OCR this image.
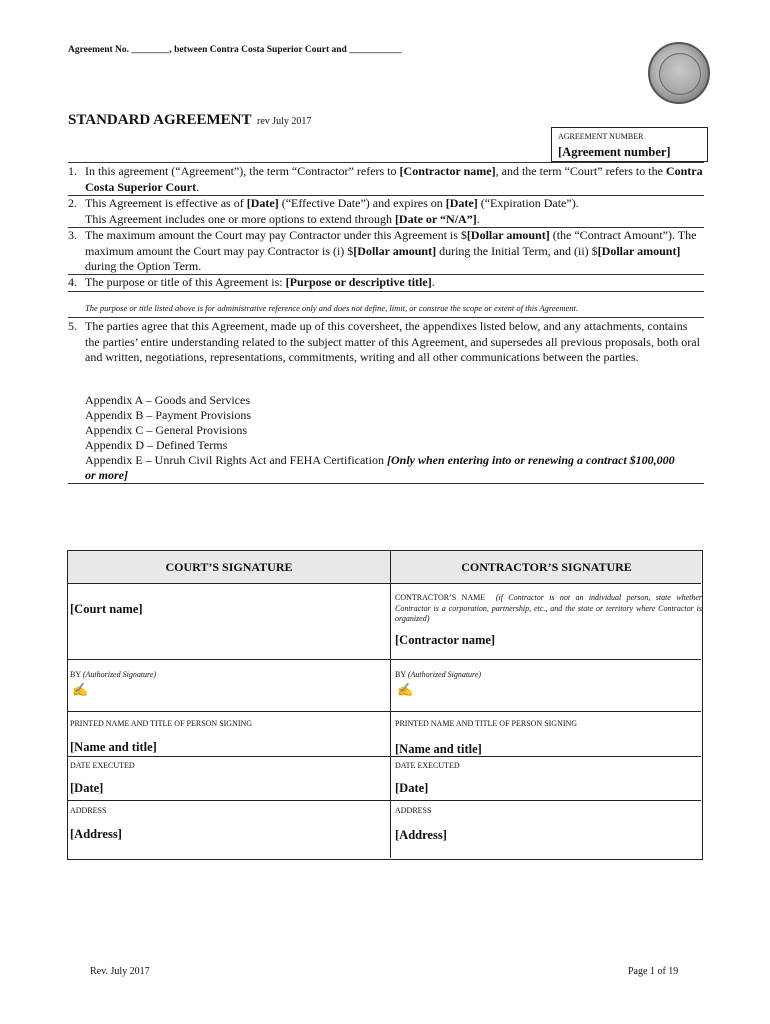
Agreement No. ________, between Contra Costa Superior Court and ___________
STANDARD AGREEMENT rev July 2017
AGREEMENT NUMBER
[Agreement number]
1. In this agreement (“Agreement”), the term “Contractor” refers to [Contractor name], and the term “Court” refers to the Contra Costa Superior Court.
2. This Agreement is effective as of [Date] (“Effective Date”) and expires on [Date] (“Expiration Date”).
This Agreement includes one or more options to extend through [Date or “N/A”].
3. The maximum amount the Court may pay Contractor under this Agreement is $[Dollar amount] (the “Contract Amount”). The maximum amount the Court may pay Contractor is (i) $[Dollar amount] during the Initial Term, and (ii) $[Dollar amount] during the Option Term.
4. The purpose or title of this Agreement is: [Purpose or descriptive title].
The purpose or title listed above is for administrative reference only and does not define, limit, or construe the scope or extent of this Agreement.
5. The parties agree that this Agreement, made up of this coversheet, the appendixes listed below, and any attachments, contains the parties’ entire understanding related to the subject matter of this Agreement, and supersedes all previous proposals, both oral and written, negotiations, representations, commitments, writing and all other communications between the parties.
Appendix A – Goods and Services
Appendix B – Payment Provisions
Appendix C – General Provisions
Appendix D – Defined Terms
Appendix E – Unruh Civil Rights Act and FEHA Certification [Only when entering into or renewing a contract $100,000 or more]
COURT’S SIGNATURE	CONTRACTOR’S SIGNATURE
[Court name]
CONTRACTOR’S NAME (if Contractor is not an individual person, state whether Contractor is a corporation, partnership, etc., and the state or territory where Contractor is organized)
[Contractor name]
BY (Authorized Signature)
✍
BY (Authorized Signature)
✍
PRINTED NAME AND TITLE OF PERSON SIGNING
[Name and title]
PRINTED NAME AND TITLE OF PERSON SIGNING
[Name and title]
DATE EXECUTED
[Date]
DATE EXECUTED
[Date]
ADDRESS
[Address]
ADDRESS
[Address]
Rev. July 2017	Page 1 of 19
